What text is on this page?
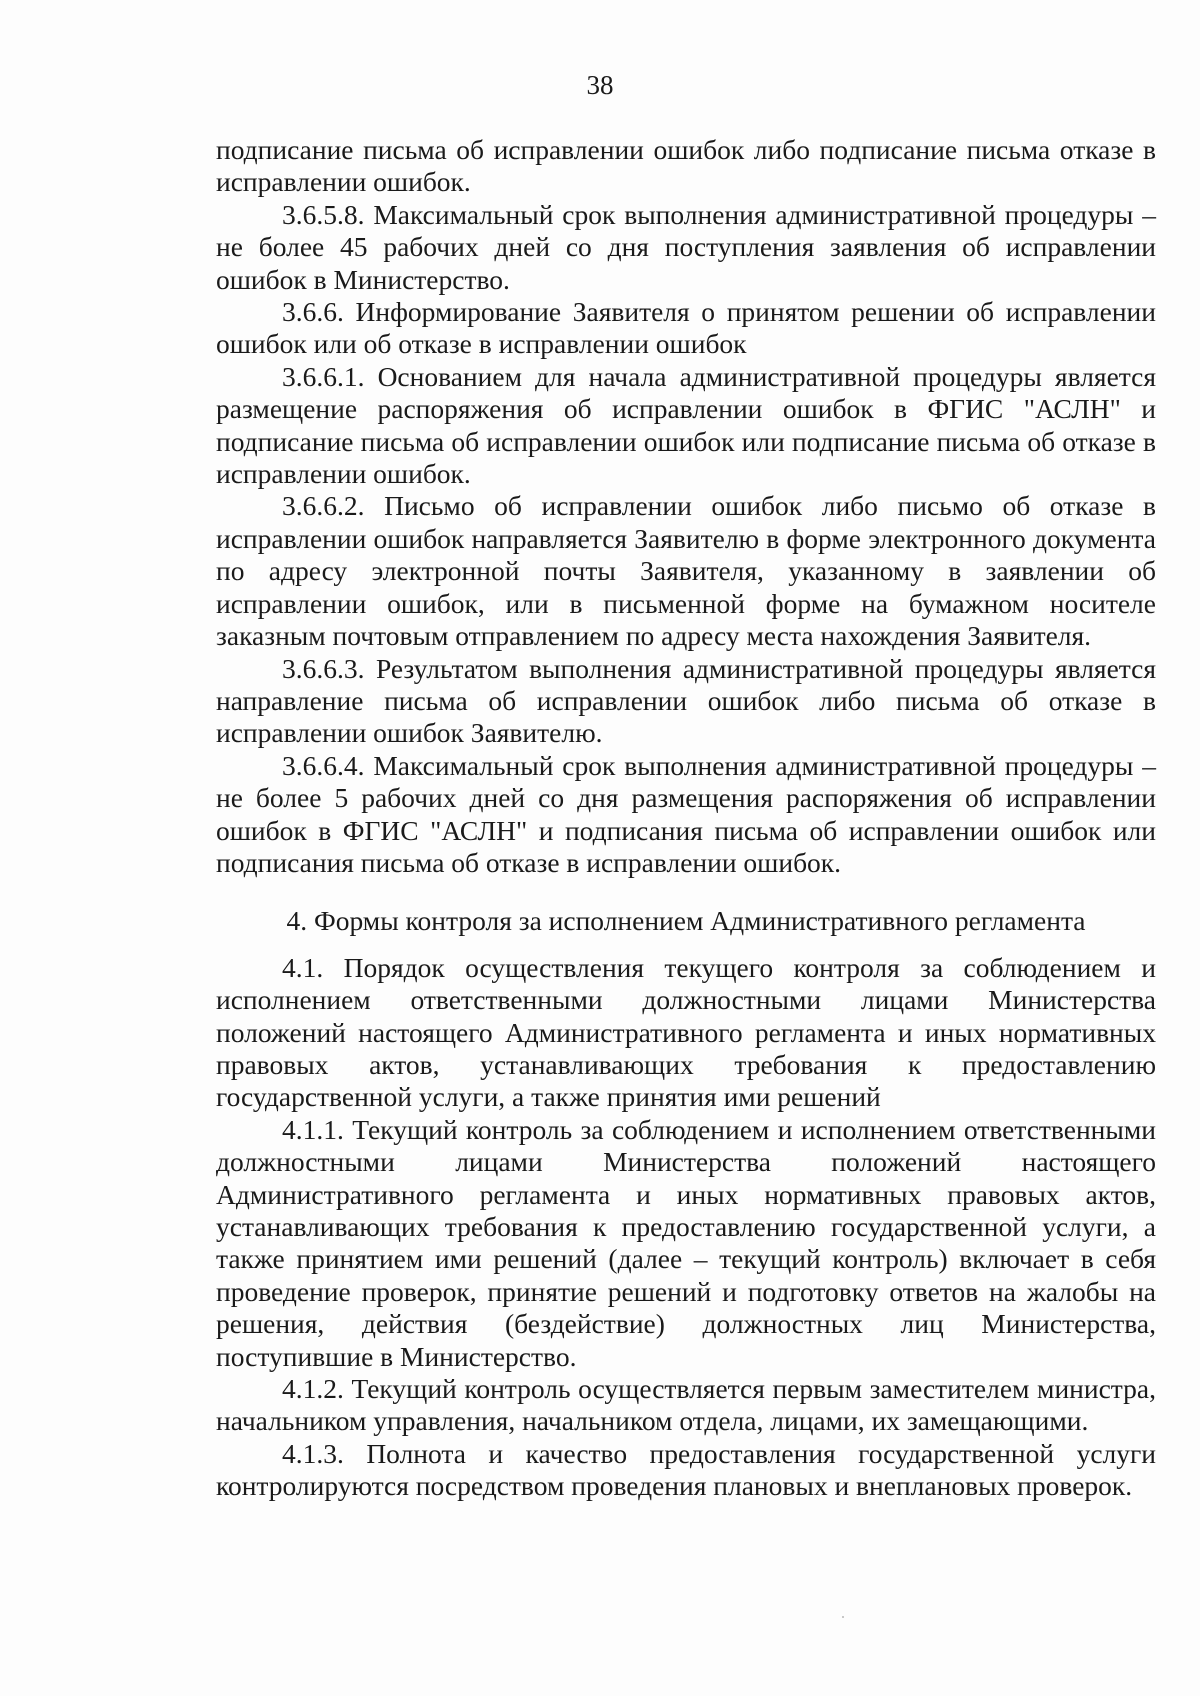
38

подписание письма об исправлении ошибок либо подписание письма отказе в исправлении ошибок.

3.6.5.8. Максимальный срок выполнения административной процедуры – не более 45 рабочих дней со дня поступления заявления об исправлении ошибок в Министерство.

3.6.6. Информирование Заявителя о принятом решении об исправлении ошибок или об отказе в исправлении ошибок

3.6.6.1. Основанием для начала административной процедуры является размещение распоряжения об исправлении ошибок в ФГИС "АСЛН" и подписание письма об исправлении ошибок или подписание письма об отказе в исправлении ошибок.

3.6.6.2. Письмо об исправлении ошибок либо письмо об отказе в исправлении ошибок направляется Заявителю в форме электронного документа по адресу электронной почты Заявителя, указанному в заявлении об исправлении ошибок, или в письменной форме на бумажном носителе заказным почтовым отправлением по адресу места нахождения Заявителя.

3.6.6.3. Результатом выполнения административной процедуры является направление письма об исправлении ошибок либо письма об отказе в исправлении ошибок Заявителю.

3.6.6.4. Максимальный срок выполнения административной процедуры – не более 5 рабочих дней со дня размещения распоряжения об исправлении ошибок в ФГИС "АСЛН" и подписания письма об исправлении ошибок или подписания письма об отказе в исправлении ошибок.

4. Формы контроля за исполнением Административного регламента

4.1. Порядок осуществления текущего контроля за соблюдением и исполнением ответственными должностными лицами Министерства положений настоящего Административного регламента и иных нормативных правовых актов, устанавливающих требования к предоставлению государственной услуги, а также принятия ими решений

4.1.1. Текущий контроль за соблюдением и исполнением ответственными должностными лицами Министерства положений настоящего Административного регламента и иных нормативных правовых актов, устанавливающих требования к предоставлению государственной услуги, а также принятием ими решений (далее – текущий контроль) включает в себя проведение проверок, принятие решений и подготовку ответов на жалобы на решения, действия (бездействие) должностных лиц Министерства, поступившие в Министерство.

4.1.2. Текущий контроль осуществляется первым заместителем министра, начальником управления, начальником отдела, лицами, их замещающими.

4.1.3. Полнота и качество предоставления государственной услуги контролируются посредством проведения плановых и внеплановых проверок.
